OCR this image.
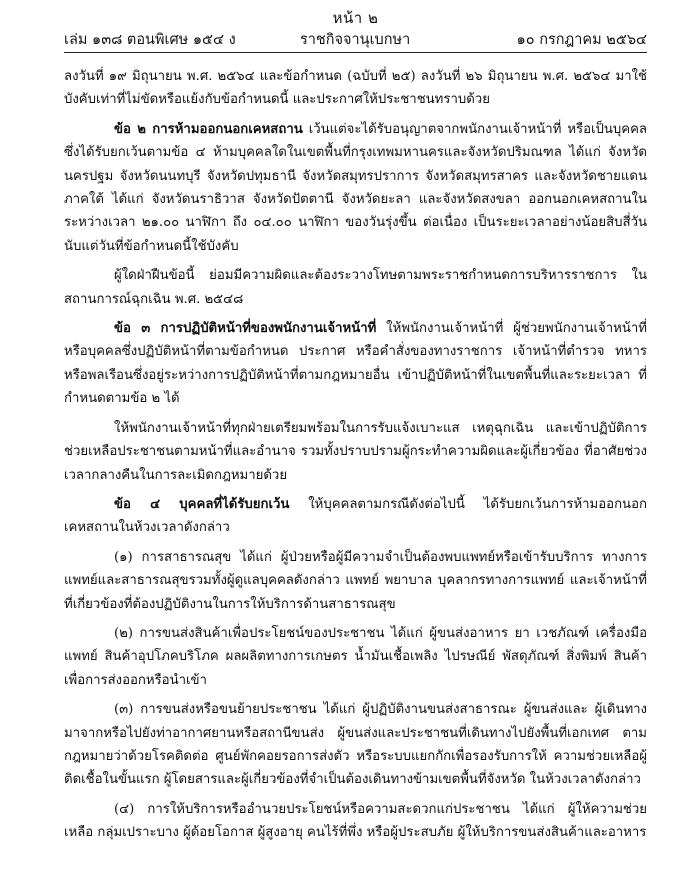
หน้า ๒
เล่ม ๑๓๘ ตอนพิเศษ ๑๕๔ ง	ราชกิจจานุเบกษา	๑๐ กรกฎาคม ๒๕๖๔

ลงวันที่ ๑๙ มิถุนายน พ.ศ. ๒๕๖๔ และข้อกำหนด (ฉบับที่ ๒๕) ลงวันที่ ๒๖ มิถุนายน พ.ศ. ๒๕๖๔ มาใช้บังคับเท่าที่ไม่ขัดหรือแย้งกับข้อกำหนดนี้ และประกาศให้ประชาชนทราบด้วย

ข้อ ๒ การห้ามออกนอกเคหสถาน เว้นแต่จะได้รับอนุญาตจากพนักงานเจ้าหน้าที่ หรือเป็นบุคคลซึ่งได้รับยกเว้นตามข้อ ๔ ห้ามบุคคลใดในเขตพื้นที่กรุงเทพมหานครและจังหวัดปริมณฑล ได้แก่ จังหวัดนครปฐม จังหวัดนนทบุรี จังหวัดปทุมธานี จังหวัดสมุทรปราการ จังหวัดสมุทรสาคร และจังหวัดชายแดนภาคใต้ ได้แก่ จังหวัดนราธิวาส จังหวัดปัตตานี จังหวัดยะลา และจังหวัดสงขลา ออกนอกเคหสถานในระหว่างเวลา ๒๑.๐๐ นาฬิกา ถึง ๐๔.๐๐ นาฬิกา ของวันรุ่งขึ้น ต่อเนื่อง เป็นระยะเวลาอย่างน้อยสิบสี่วันนับแต่วันที่ข้อกำหนดนี้ใช้บังคับ

ผู้ใดฝ่าฝืนข้อนี้ ย่อมมีความผิดและต้องระวางโทษตามพระราชกำหนดการบริหารราชการ ในสถานการณ์ฉุกเฉิน พ.ศ. ๒๕๔๘

ข้อ ๓ การปฏิบัติหน้าที่ของพนักงานเจ้าหน้าที่ ให้พนักงานเจ้าหน้าที่ ผู้ช่วยพนักงานเจ้าหน้าที่ หรือบุคคลซึ่งปฏิบัติหน้าที่ตามข้อกำหนด ประกาศ หรือคำสั่งของทางราชการ เจ้าหน้าที่ตำรวจ ทหาร หรือพลเรือนซึ่งอยู่ระหว่างการปฏิบัติหน้าที่ตามกฎหมายอื่น เข้าปฏิบัติหน้าที่ในเขตพื้นที่และระยะเวลา ที่กำหนดตามข้อ ๒ ได้

ให้พนักงานเจ้าหน้าที่ทุกฝ่ายเตรียมพร้อมในการรับแจ้งเบาะแส เหตุฉุกเฉิน และเข้าปฏิบัติการ ช่วยเหลือประชาชนตามหน้าที่และอำนาจ รวมทั้งปราบปรามผู้กระทำความผิดและผู้เกี่ยวข้อง ที่อาศัยช่วงเวลากลางคืนในการละเมิดกฎหมายด้วย

ข้อ ๔ บุคคลที่ได้รับยกเว้น ให้บุคคลตามกรณีดังต่อไปนี้ ได้รับยกเว้นการห้ามออกนอก เคหสถานในห้วงเวลาดังกล่าว

(๑) การสาธารณสุข ได้แก่ ผู้ป่วยหรือผู้มีความจำเป็นต้องพบแพทย์หรือเข้ารับบริการ ทางการแพทย์และสาธารณสุขรวมทั้งผู้ดูแลบุคคลดังกล่าว แพทย์ พยาบาล บุคลากรทางการแพทย์ และเจ้าหน้าที่ที่เกี่ยวข้องที่ต้องปฏิบัติงานในการให้บริการด้านสาธารณสุข

(๒) การขนส่งสินค้าเพื่อประโยชน์ของประชาชน ได้แก่ ผู้ขนส่งอาหาร ยา เวชภัณฑ์ เครื่องมือแพทย์ สินค้าอุปโภคบริโภค ผลผลิตทางการเกษตร น้ำมันเชื้อเพลิง ไปรษณีย์ พัสดุภัณฑ์ สิ่งพิมพ์ สินค้าเพื่อการส่งออกหรือนำเข้า

(๓) การขนส่งหรือขนย้ายประชาชน ได้แก่ ผู้ปฏิบัติงานขนส่งสาธารณะ ผู้ขนส่งและ ผู้เดินทางมาจากหรือไปยังท่าอากาศยานหรือสถานีขนส่ง ผู้ขนส่งและประชาชนที่เดินทางไปยังพื้นที่เอกเทศ ตามกฎหมายว่าด้วยโรคติดต่อ ศูนย์พักคอยรอการส่งตัว หรือระบบแยกกักเพื่อรองรับการให้ ความช่วยเหลือผู้ติดเชื้อในขั้นแรก ผู้โดยสารและผู้เกี่ยวข้องที่จำเป็นต้องเดินทางข้ามเขตพื้นที่จังหวัด ในห้วงเวลาดังกล่าว

(๔) การให้บริการหรืออำนวยประโยชน์หรือความสะดวกแก่ประชาชน ได้แก่ ผู้ให้ความช่วยเหลือ กลุ่มเปราะบาง ผู้ด้อยโอกาส ผู้สูงอายุ คนไร้ที่พึ่ง หรือผู้ประสบภัย ผู้ให้บริการขนส่งสินค้าและอาหาร
